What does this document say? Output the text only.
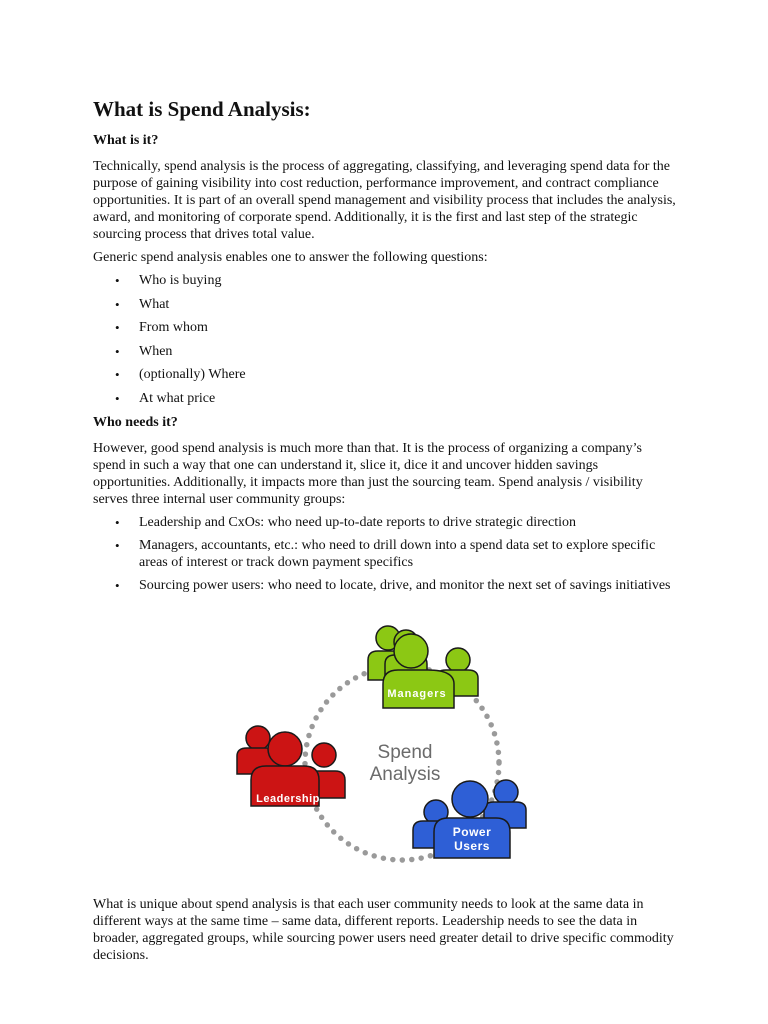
What is Spend Analysis:
What is it?

Technically, spend analysis is the process of aggregating, classifying, and leveraging spend data for the purpose of gaining visibility into cost reduction, performance improvement, and contract compliance opportunities. It is part of an overall spend management and visibility process that includes the analysis, award, and monitoring of corporate spend. Additionally, it is the first and last step of the strategic sourcing process that drives total value.

Generic spend analysis enables one to answer the following questions:

• Who is buying
• What
• From whom
• When
• (optionally) Where
• At what price
Who needs it?

However, good spend analysis is much more than that. It is the process of organizing a company’s spend in such a way that one can understand it, slice it, dice it and uncover hidden savings opportunities. Additionally, it impacts more than just the sourcing team. Spend analysis / visibility serves three internal user community groups:

• Leadership and CxOs: who need up-to-date reports to drive strategic direction
• Managers, accountants, etc.: who need to drill down into a spend data set to explore specific areas of interest or track down payment specifics
• Sourcing power users: who need to locate, drive, and monitor the next set of savings initiatives
Managers
Leadership
Power
Users
Spend
Analysis

What is unique about spend analysis is that each user community needs to look at the same data in different ways at the same time – same data, different reports. Leadership needs to see the data in broader, aggregated groups, while sourcing power users need greater detail to drive specific commodity decisions.
